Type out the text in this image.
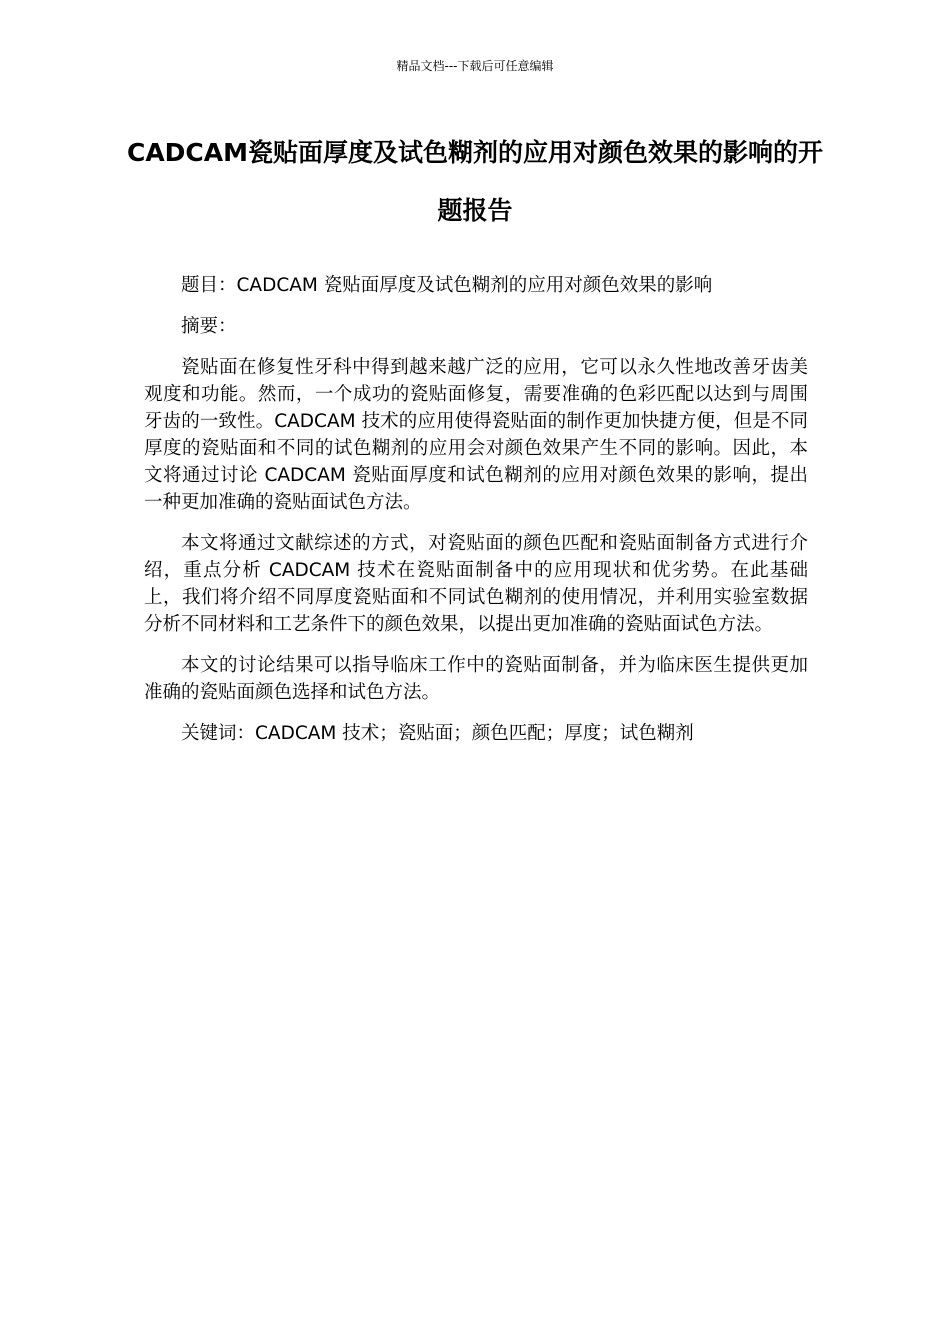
精品文档---下载后可任意编辑
CADCAM瓷贴面厚度及试色糊剂的应用对颜色效果的影响的开题报告

题目：CADCAM 瓷贴面厚度及试色糊剂的应用对颜色效果的影响

摘要：

瓷贴面在修复性牙科中得到越来越广泛的应用，它可以永久性地改善牙齿美观度和功能。然而，一个成功的瓷贴面修复，需要准确的色彩匹配以达到与周围牙齿的一致性。CADCAM 技术的应用使得瓷贴面的制作更加快捷方便，但是不同厚度的瓷贴面和不同的试色糊剂的应用会对颜色效果产生不同的影响。因此，本文将通过讨论 CADCAM 瓷贴面厚度和试色糊剂的应用对颜色效果的影响，提出一种更加准确的瓷贴面试色方法。

本文将通过文献综述的方式，对瓷贴面的颜色匹配和瓷贴面制备方式进行介绍，重点分析 CADCAM 技术在瓷贴面制备中的应用现状和优劣势。在此基础上，我们将介绍不同厚度瓷贴面和不同试色糊剂的使用情况，并利用实验室数据分析不同材料和工艺条件下的颜色效果，以提出更加准确的瓷贴面试色方法。

本文的讨论结果可以指导临床工作中的瓷贴面制备，并为临床医生提供更加准确的瓷贴面颜色选择和试色方法。

关键词：CADCAM 技术；瓷贴面；颜色匹配；厚度；试色糊剂
